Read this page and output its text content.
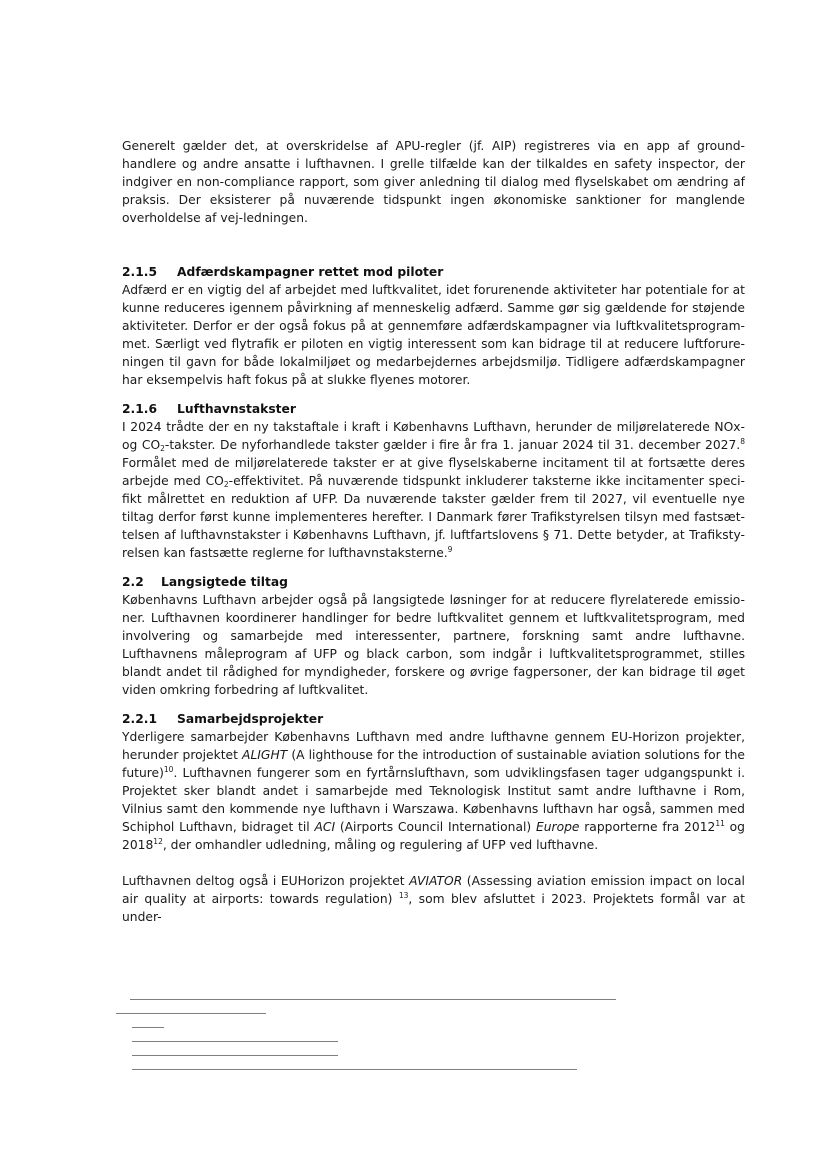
Generelt gælder det, at overskridelse af APU-regler (jf. AIP) registreres via en app af ground-handlere og andre ansatte i lufthavnen. I grelle tilfælde kan der tilkaldes en safety inspector, der indgiver en non-compliance rapport, som giver anledning til dialog med flyselskabet om ændring af praksis. Der eksisterer på nuværende tidspunkt ingen økonomiske sanktioner for manglende overholdelse af vej-ledningen.

2.1.5 Adfærdskampagner rettet mod piloter

Adfærd er en vigtig del af arbejdet med luftkvalitet, idet forurenende aktiviteter har potentiale for at kunne reduceres igennem påvirkning af menneskelig adfærd. Samme gør sig gældende for støjende aktiviteter. Derfor er der også fokus på at gennemføre adfærdskampagner via luftkvalitetsprogram-met. Særligt ved flytrafik er piloten en vigtig interessent som kan bidrage til at reducere luftforure-ningen til gavn for både lokalmiljøet og medarbejdernes arbejdsmiljø. Tidligere adfærdskampagner har eksempelvis haft fokus på at slukke flyenes motorer.

2.1.6 Lufthavnstakster

I 2024 trådte der en ny takstaftale i kraft i Københavns Lufthavn, herunder de miljørelaterede NOx- og $CO_2$-takster. De nyforhandlede takster gælder i fire år fra 1. januar 2024 til 31. december 2027.$^8$ Formålet med de miljørelaterede takster er at give flyselskaberne incitament til at fortsætte deres arbejde med $CO_2$-effektivitet. På nuværende tidspunkt inkluderer taksterne ikke incitamenter speci-fikt målrettet en reduktion af UFP. Da nuværende takster gælder frem til 2027, vil eventuelle nye tiltag derfor først kunne implementeres herefter. I Danmark fører Trafikstyrelsen tilsyn med fastsæt-telsen af lufthavnstakster i Københavns Lufthavn, jf. luftfartslovens § 71. Dette betyder, at Trafiksty-relsen kan fastsætte reglerne for lufthavnstaksterne.$^9$

2.2 Langsigtede tiltag

Københavns Lufthavn arbejder også på langsigtede løsninger for at reducere flyrelaterede emissio-ner. Lufthavnen koordinerer handlinger for bedre luftkvalitet gennem et luftkvalitetsprogram, med involvering og samarbejde med interessenter, partnere, forskning samt andre lufthavne. Lufthavnens måleprogram af UFP og black carbon, som indgår i luftkvalitetsprogrammet, stilles blandt andet til rådighed for myndigheder, forskere og øvrige fagpersoner, der kan bidrage til øget viden omkring forbedring af luftkvalitet.

2.2.1 Samarbejdsprojekter

Yderligere samarbejder Københavns Lufthavn med andre lufthavne gennem EU-Horizon projekter, herunder projektet ALIGHT (A lighthouse for the introduction of sustainable aviation solutions for the future)$^{10}$. Lufthavnen fungerer som en fyrtårnslufthavn, som udviklingsfasen tager udgangspunkt i. Projektet sker blandt andet i samarbejde med Teknologisk Institut samt andre lufthavne i Rom, Vilnius samt den kommende nye lufthavn i Warszawa. Københavns lufthavn har også, sammen med Schiphol Lufthavn, bidraget til ACI (Airports Council International) Europe rapporterne fra 2012$^{11}$ og 2018$^{12}$, der omhandler udledning, måling og regulering af UFP ved lufthavne.

Lufthavnen deltog også i EUHorizon projektet AVIATOR (Assessing aviation emission impact on local air quality at airports: towards regulation) $^{13}$, som blev afsluttet i 2023. Projektets formål var at under-
